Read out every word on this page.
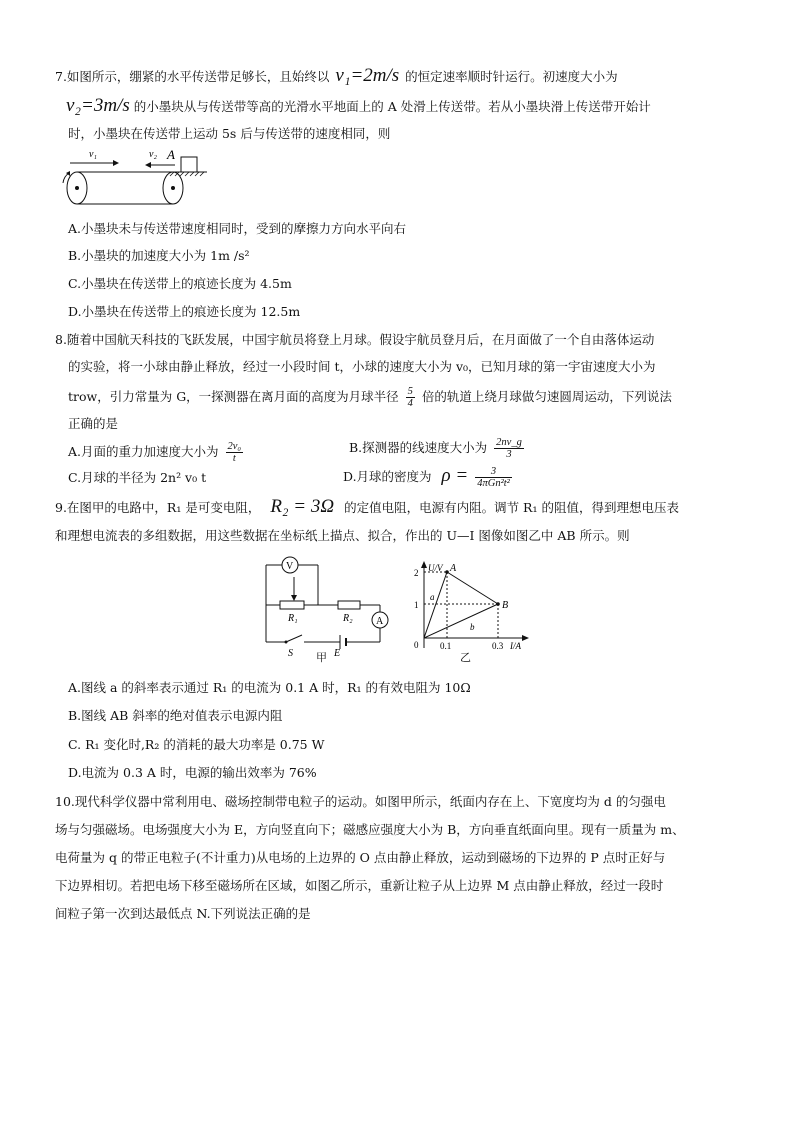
7.如图所示，绷紧的水平传送带足够长，且始终以 v₁=2m/s 的恒定速率顺时针运行。初速度大小为
v₂=3m/s 的小墨块从与传送带等高的光滑水平地面上的 A 处滑上传送带。若从小墨块滑上传送带开始计
时，小墨块在传送带上运动 5s 后与传送带的速度相同，则
v₁	v₂ A
A.小墨块未与传送带速度相同时，受到的摩擦力方向水平向右
B.小墨块的加速度大小为 1m /s²
C.小墨块在传送带上的痕迹长度为 4.5m
D.小墨块在传送带上的痕迹长度为 12.5m
8.随着中国航天科技的飞跃发展，中国宇航员将登上月球。假设宇航员登月后，在月面做了一个自由落体运动
的实验，将一小球由静止释放，经过一小段时间 t，小球的速度大小为 v₀，已知月球的第一宇宙速度大小为
trow，引力常量为 G，一探测器在离月面的高度为月球半径 $\frac{5}{4}$ 倍的轨道上绕月球做匀速圆周运动，下列说法
正确的是
A.月面的重力加速度大小为 $\frac{\text{2v₀}}{t}$	B.探测器的线速度大小为 $\frac{2nv\_g}{3}$
C.月球的半径为 2n² v₀ t	D.月球的密度为 $\rho = \frac{3}{\text{4πGn²t²}}$
9.在图甲的电路中，R₁ 是可变电阻， R₂ = 3Ω 的定值电阻，电源有内阻。调节 R₁ 的阻值，得到理想电压表
和理想电流表的多组数据，用这些数据在坐标纸上描点、拟合，作出的 U—I 图像如图乙中 AB 所示。则
V
R₁	R₂ A
S	E
甲
U/V
I/A
2
1
0 0.1	0.3
A
B
a
b
乙
A.图线 a 的斜率表示通过 R₁ 的电流为 0.1 A 时，R₁ 的有效电阻为 10Ω
B.图线 AB 斜率的绝对值表示电源内阻
C. R₁ 变化时,R₂ 的消耗的最大功率是 0.75 W
D.电流为 0.3 A 时，电源的输出效率为 76%
10.现代科学仪器中常利用电、磁场控制带电粒子的运动。如图甲所示，纸面内存在上、下宽度均为 d 的匀强电
场与匀强磁场。电场强度大小为 E，方向竖直向下；磁感应强度大小为 B，方向垂直纸面向里。现有一质量为 m、
电荷量为 q 的带正电粒子(不计重力)从电场的上边界的 O 点由静止释放，运动到磁场的下边界的 P 点时正好与
下边界相切。若把电场下移至磁场所在区域，如图乙所示，重新让粒子从上边界 M 点由静止释放，经过一段时
间粒子第一次到达最低点 N.下列说法正确的是
